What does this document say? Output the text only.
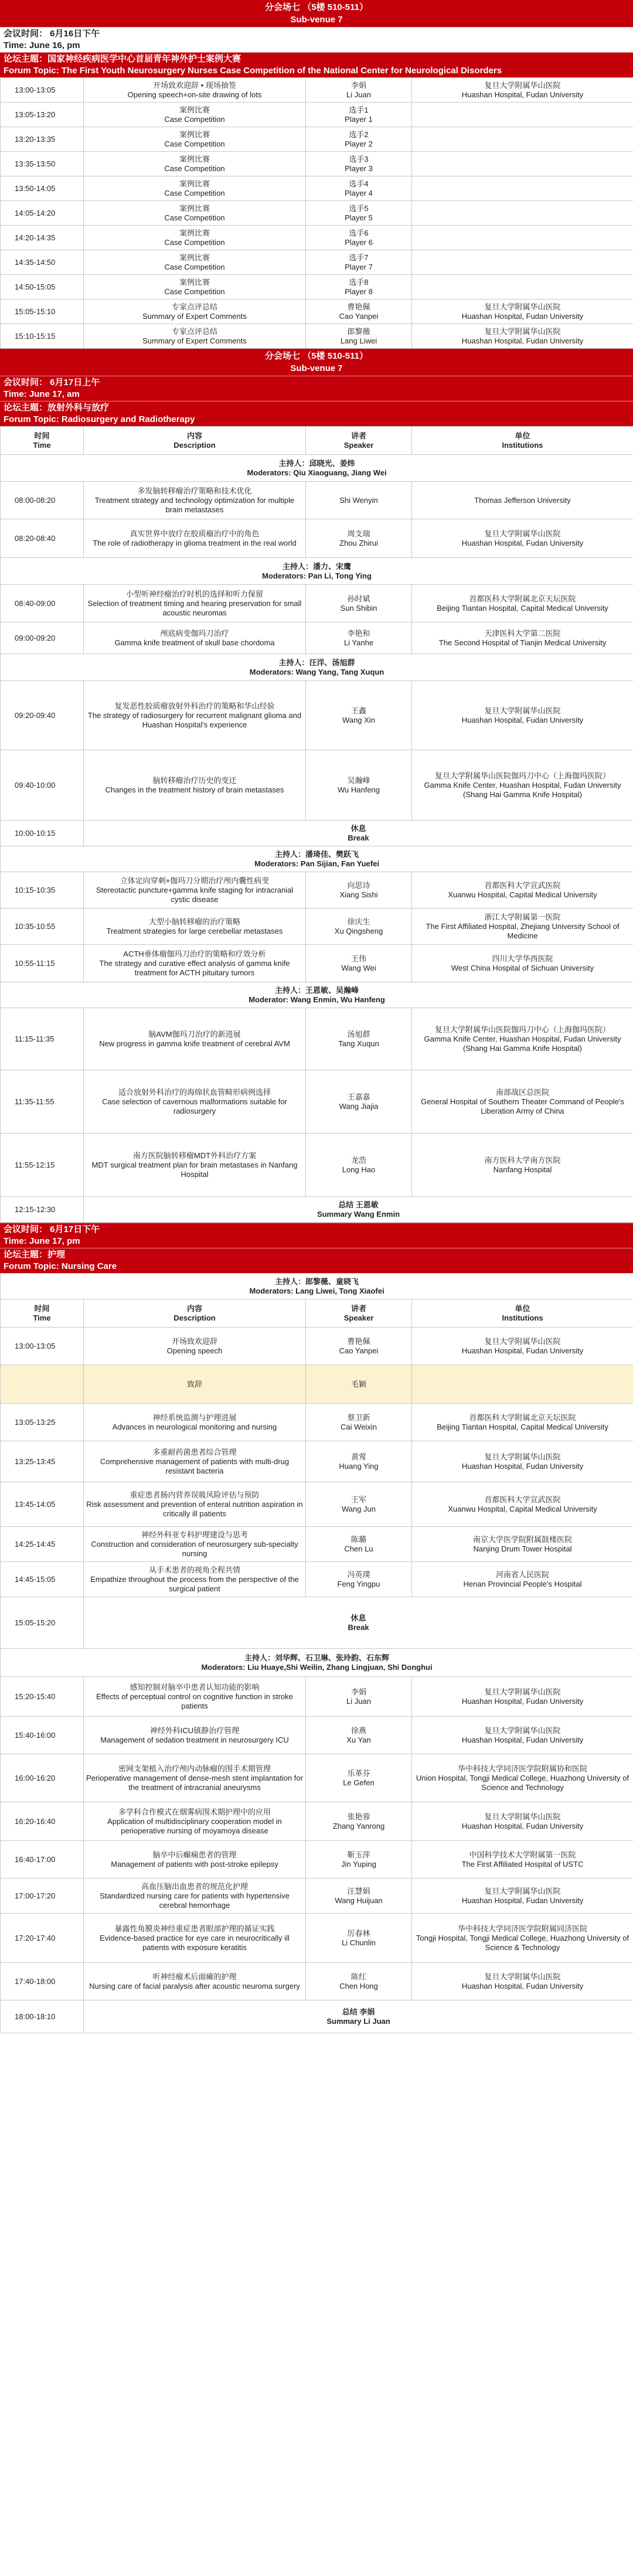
分会场七 （5楼 510-511）
Sub-venue 7
会议时间： 6月16日下午
Time: June 16, pm
论坛主题：国家神经疾病医学中心首届青年神外护士案例大赛
Forum Topic: The First Youth Neurosurgery Nurses Case Competition of the National Center for Neurological Disorders
13:00-13:05	开场致欢迎辞 • 现场抽签
Opening speech+on-site drawing of lots	李娟
Li Juan	复旦大学附属华山医院
Huashan Hospital, Fudan University

13:05-13:20	案例比赛
Case Competition	选手1
Player 1	

13:20-13:35	案例比赛
Case Competition	选手2
Player 2	

13:35-13:50	案例比赛
Case Competition	选手3
Player 3	

13:50-14:05	案例比赛
Case Competition	选手4
Player 4	

14:05-14:20	案例比赛
Case Competition	选手5
Player 5	

14:20-14:35	案例比赛
Case Competition	选手6
Player 6	

14:35-14:50	案例比赛
Case Competition	选手7
Player 7	

14:50-15:05	案例比赛
Case Competition	选手8
Player 8	

15:05-15:10	专家点评总结
Summary of Expert Comments	曹艳佩
Cao Yanpei	复旦大学附属华山医院
Huashan Hospital, Fudan University

15:10-15:15	专家点评总结
Summary of Expert Comments	郎黎薇
Lang Liwei	复旦大学附属华山医院
Huashan Hospital, Fudan University
分会场七 （5楼 510-511）
Sub-venue 7
会议时间： 6月17日上午
Time: June 17, am
论坛主题：放射外科与放疗
Forum Topic: Radiosurgery and Radiotherapy
时间
Time	内容
Description	讲者
Speaker	单位
Institutions

主持人：邱晓光、姜炜
Moderators: Qiu Xiaoguang, Jiang Wei			

08:00-08:20	多发脑转移瘤治疗策略和技术优化
Treatment strategy and technology optimization for multiple brain metastases	Shi Wenyin	Thomas Jefferson University

08:20-08:40	真实世界中放疗在胶质瘤治疗中的角色
The role of radiotherapy in glioma treatment in the real world	周支瑞
Zhou Zhirui	复旦大学附属华山医院
Huashan Hospital, Fudan University

主持人：潘力、宋鹰
Moderators: Pan Li, Tong Ying			

08:40-09:00	小型听神经瘤治疗时机的选择和听力保留
Selection of treatment timing and hearing preservation for small acoustic neuromas	孙时斌
Sun Shibin	首都医科大学附属北京天坛医院
Beijing Tiantan Hospital, Capital Medical University

09:00-09:20	颅底病变伽玛刀治疗
Gamma knife treatment of skull base chordoma	李艳和
Li Yanhe	天津医科大学第二医院
The Second Hospital of Tianjin Medical University

主持人：汪洋、汤旭群
Moderators: Wang Yang, Tang Xuqun			

09:20-09:40	复发恶性胶质瘤放射外科治疗的策略和华山经验
The strategy of radiosurgery for recurrent malignant glioma and Huashan Hospital's experience	王鑫
Wang Xin	复旦大学附属华山医院
Huashan Hospital, Fudan University

09:40-10:00	脑转移瘤治疗历史的变迁
Changes in the treatment history of brain metastases	吴瀚峰
Wu Hanfeng	复旦大学附属华山医院伽玛刀中心（上海伽玛医院）
Gamma Knife Center, Huashan Hospital, Fudan University (Shang Hai Gamma Knife Hospital)

10:00-10:15	休息
Break		

主持人：潘琦佳、樊跃飞
Moderators: Pan Sijian, Fan Yuefei			

10:15-10:35	立体定向穿刺+伽玛刀分期治疗颅内囊性病变
Stereotactic puncture+gamma knife staging for intracranial cystic disease	向思诗
Xiang Sishi	首都医科大学宣武医院
Xuanwu Hospital, Capital Medical University

10:35-10:55	大型小脑转移瘤的治疗策略
Treatment strategies for large cerebellar metastases	徐庆生
Xu Qingsheng	浙江大学附属第一医院
The First Affiliated Hospital, Zhejiang University School of Medicine

10:55-11:15	ACTH垂体瘤伽玛刀治疗的策略和疗效分析
The strategy and curative effect analysis of gamma knife treatment for ACTH pituitary tumors	王伟
Wang Wei	四川大学华西医院
West China Hospital of Sichuan University

主持人：王恩敏、吴瀚峰
Moderator: Wang Enmin, Wu Hanfeng			

11:15-11:35	脑AVM伽玛刀治疗的新进展
New progress in gamma knife treatment of cerebral AVM	汤旭群
Tang Xuqun	复旦大学附属华山医院伽玛刀中心（上海伽玛医院）
Gamma Knife Center, Huashan Hospital, Fudan University (Shang Hai Gamma Knife Hospital)

11:35-11:55	适合放射外科治疗的海绵状血管畸形病例选择
Case selection of cavernous malformations suitable for radiosurgery	王嘉嘉
Wang Jiajia	南部战区总医院
General Hospital of Southern Theater Command of People's Liberation Army of China

11:55-12:15	南方医院脑转移瘤MDT外科治疗方案
MDT surgical treatment plan for brain metastases in Nanfang Hospital	龙浩
Long Hao	南方医科大学南方医院
Nanfang Hospital

12:15-12:30	总结 王恩敏
Summary Wang Enmin		
会议时间： 6月17日下午
Time: June 17, pm
论坛主题：护理
Forum Topic: Nursing Care
主持人：郎黎薇、童晓飞
Moderators: Lang Liwei, Tong Xiaofei			

时间
Time	内容
Description	讲者
Speaker	单位
Institutions

13:00-13:05	开场致欢迎辞
Opening speech	曹艳佩
Cao Yanpei	复旦大学附属华山医院
Huashan Hospital, Fudan University

	致辞	毛颖	

13:05-13:25	神经系统监测与护理进展
Advances in neurological monitoring and nursing	蔡卫新
Cai Weixin	首都医科大学附属北京天坛医院
Beijing Tiantan Hospital, Capital Medical University

13:25-13:45	多重耐药菌患者综合管理
Comprehensive management of patients with multi-drug resistant bacteria	黄莺
Huang Ying	复旦大学附属华山医院
Huashan Hospital, Fudan University

13:45-14:05	重症患者肠内营养误吸风险评估与预防
Risk assessment and prevention of enteral nutrition aspiration in critically ill patients	王军
Wang Jun	首都医科大学宣武医院
Xuanwu Hospital, Capital Medical University

14:25-14:45	神经外科亚专科护理建设与思考
Construction and consideration of neurosurgery sub-specialty nursing	陈璐
Chen Lu	南京大学医学院附属鼓楼医院
Nanjing Drum Tower Hospital

14:45-15:05	从手术患者的视角全程共情
Empathize throughout the process from the perspective of the surgical patient	冯英璞
Feng Yingpu	河南省人民医院
Henan Provincial People's Hospital

15:05-15:20	休息
Break		

主持人：刘华辉、石卫琳、张玲韵、石东辉
Moderators: Liu Huaye,Shi Weilin, Zhang Lingjuan, Shi Donghui			

15:20-15:40	感知控制对脑卒中患者认知功能的影响
Effects of perceptual control on cognitive function in stroke patients	李娟
Li Juan	复旦大学附属华山医院
Huashan Hospital, Fudan University

15:40-16:00	神经外科ICU镇静治疗管理
Management of sedation treatment in neurosurgery ICU	徐燕
Xu Yan	复旦大学附属华山医院
Huashan Hospital, Fudan University

16:00-16:20	密网支架植入治疗颅内动脉瘤的围手术期管理
Perioperative management of dense-mesh stent implantation for the treatment of intracranial aneurysms	乐革芬
Le Gefen	华中科技大学同济医学院附属协和医院
Union Hospital, Tongji Medical College, Huazhong University of Science and Technology

16:20-16:40	多学科合作模式在烟雾病围术期护理中的应用
Application of multidisciplinary cooperation model in perioperative nursing of moyamoya disease	张艳蓉
Zhang Yanrong	复旦大学附属华山医院
Huashan Hospital, Fudan University

16:40-17:00	脑卒中后癫痫患者的管理
Management of patients with post-stroke epilepsy	靳玉萍
Jin Yuping	中国科学技术大学附属第一医院
The First Affiliated Hospital of USTC

17:00-17:20	高血压脑出血患者的规范化护理
Standardized nursing care for patients with hypertensive cerebral hemorrhage	汪慧娟
Wang Huijuan	复旦大学附属华山医院
Huashan Hospital, Fudan University

17:20-17:40	暴露性角膜炎神经重症患者眼部护理的循证实践
Evidence-based practice for eye care in neurocritically ill patients with exposure keratitis	厉春林
Li Chunlin	华中科技大学同济医学院附属同济医院
Tongji Hospital, Tongji Medical College, Huazhong University of Science & Technology

17:40-18:00	听神经瘤术后面瘫的护理
Nursing care of facial paralysis after acoustic neuroma surgery	陈红
Chen Hong	复旦大学附属华山医院
Huashan Hospital, Fudan University

18:00-18:10	总结 李娟
Summary Li Juan		
